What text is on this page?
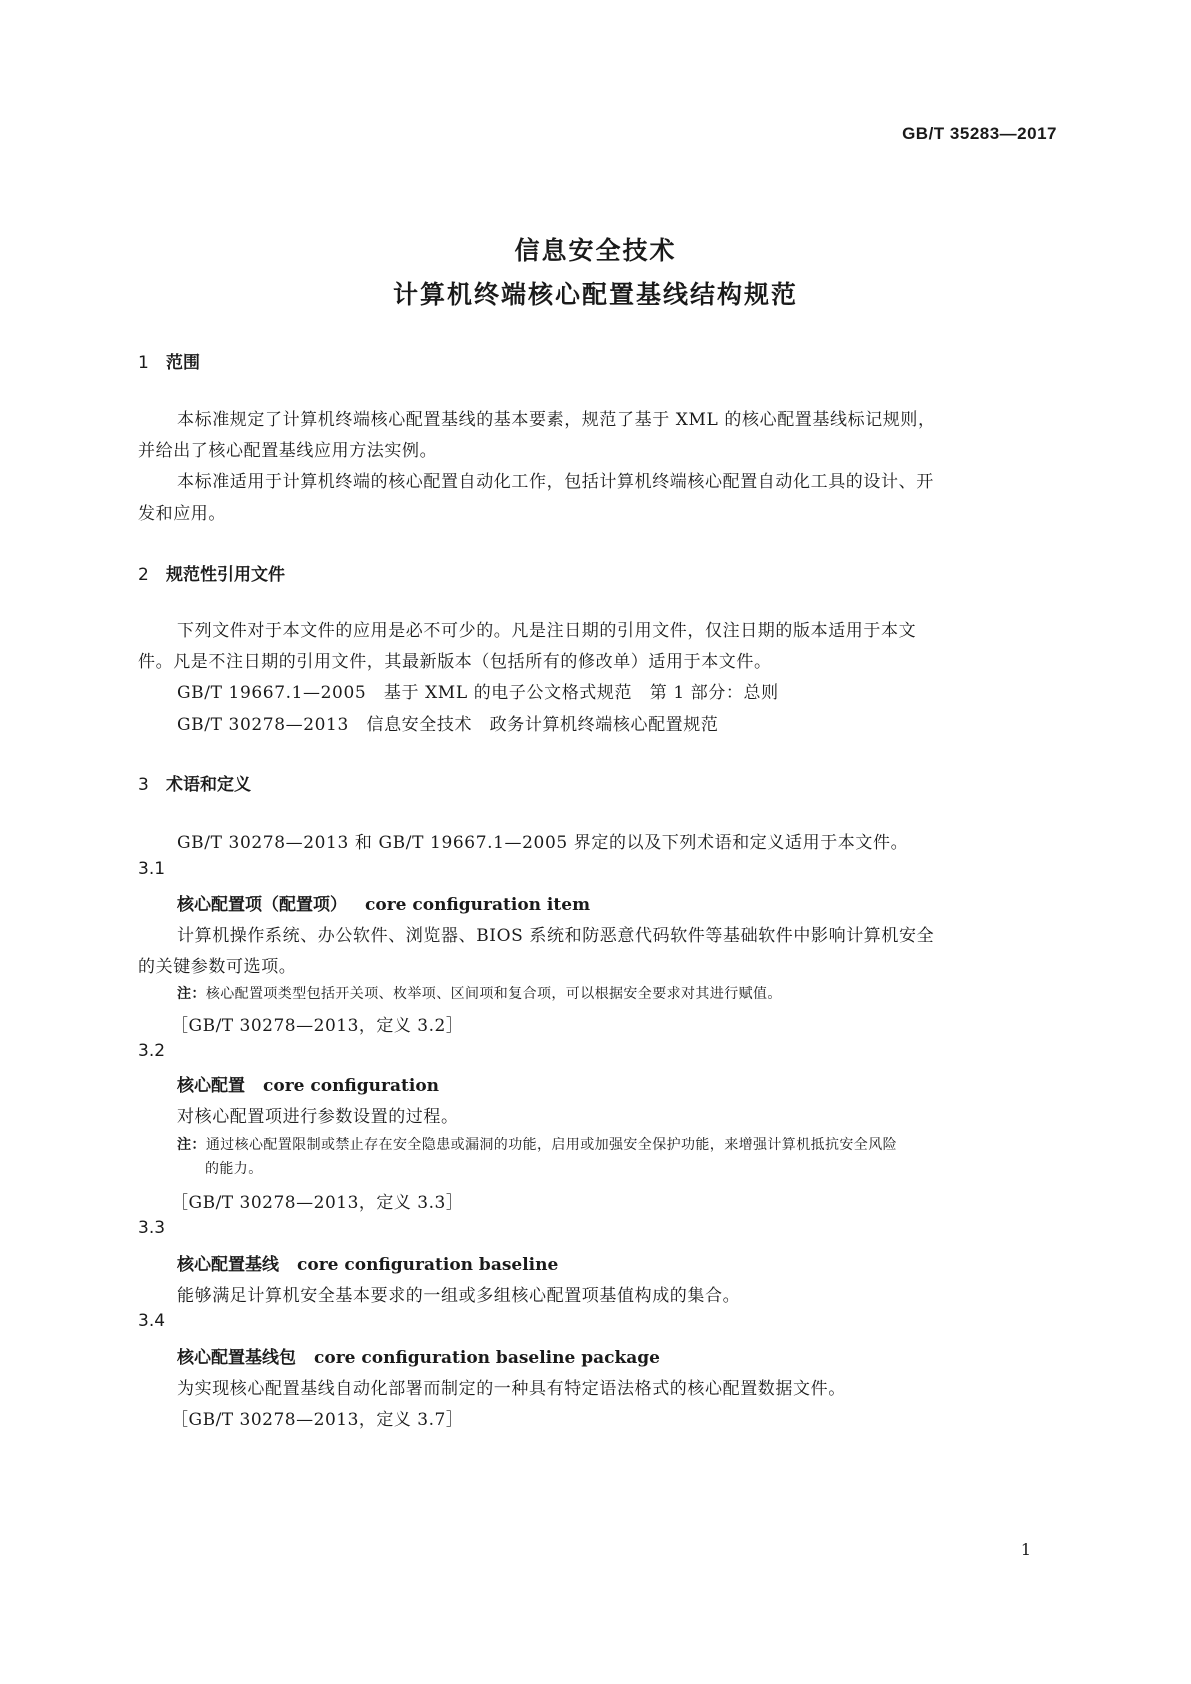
GB/T 35283—2017
信息安全技术
计算机终端核心配置基线结构规范
1 范围
本标准规定了计算机终端核心配置基线的基本要素，规范了基于 XML 的核心配置基线标记规则，
并给出了核心配置基线应用方法实例。
本标准适用于计算机终端的核心配置自动化工作，包括计算机终端核心配置自动化工具的设计、开
发和应用。
2 规范性引用文件
下列文件对于本文件的应用是必不可少的。凡是注日期的引用文件，仅注日期的版本适用于本文
件。凡是不注日期的引用文件，其最新版本（包括所有的修改单）适用于本文件。
GB/T 19667.1—2005　基于 XML 的电子公文格式规范　第 1 部分：总则
GB/T 30278—2013　信息安全技术　政务计算机终端核心配置规范
3 术语和定义
GB/T 30278—2013 和 GB/T 19667.1—2005 界定的以及下列术语和定义适用于本文件。
3.1
核心配置项（配置项） core configuration item
计算机操作系统、办公软件、浏览器、BIOS 系统和防恶意代码软件等基础软件中影响计算机安全
的关键参数可选项。
注：核心配置项类型包括开关项、枚举项、区间项和复合项，可以根据安全要求对其进行赋值。
［GB/T 30278—2013，定义 3.2］
3.2
核心配置 core configuration
对核心配置项进行参数设置的过程。
注：通过核心配置限制或禁止存在安全隐患或漏洞的功能，启用或加强安全保护功能，来增强计算机抵抗安全风险
的能力。
［GB/T 30278—2013，定义 3.3］
3.3
核心配置基线 core configuration baseline
能够满足计算机安全基本要求的一组或多组核心配置项基值构成的集合。
3.4
核心配置基线包 core configuration baseline package
为实现核心配置基线自动化部署而制定的一种具有特定语法格式的核心配置数据文件。
［GB/T 30278—2013，定义 3.7］
1
